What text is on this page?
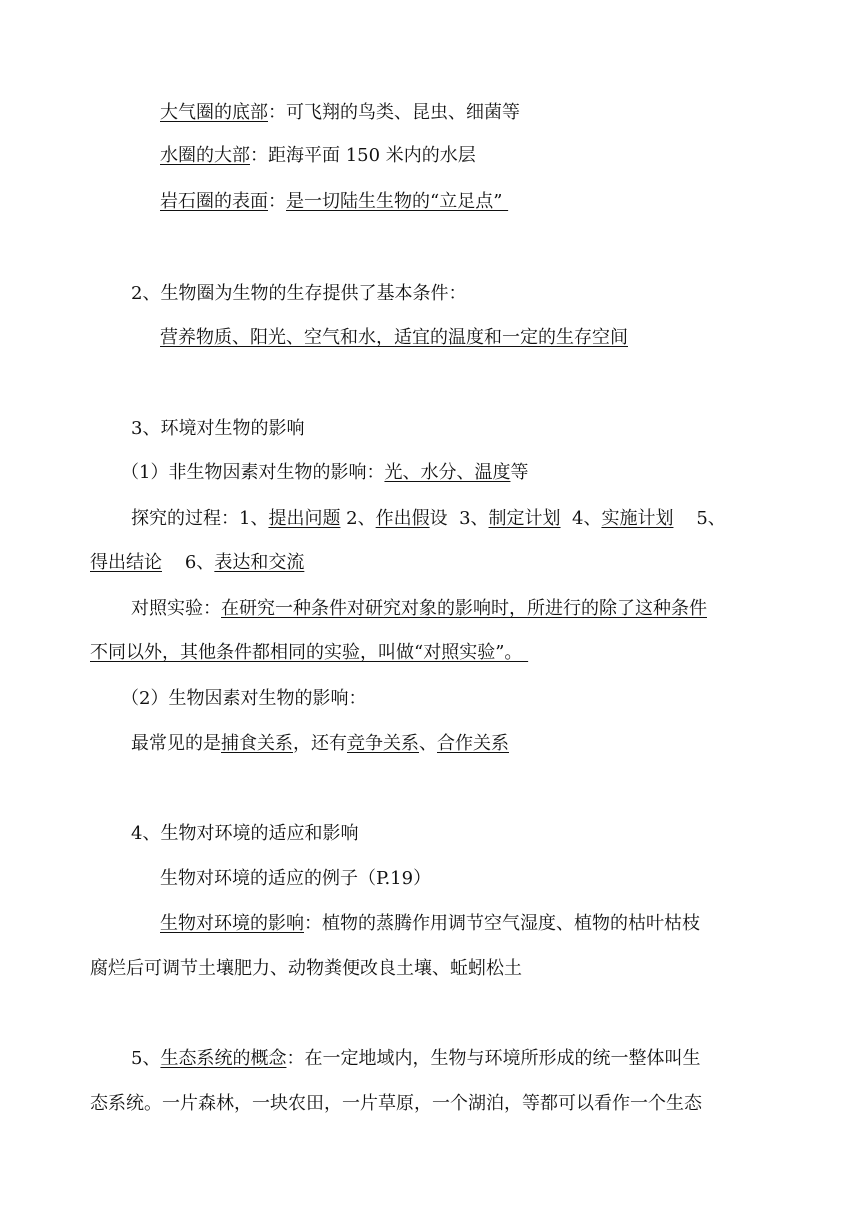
大气圈的底部：可飞翔的鸟类、昆虫、细菌等
水圈的大部：距海平面 150 米内的水层
岩石圈的表面：是一切陆生生物的“立足点”
2、生物圈为生物的生存提供了基本条件：
营养物质、阳光、空气和水，适宜的温度和一定的生存空间
3、环境对生物的影响
（1）非生物因素对生物的影响：光、水分、温度等
探究的过程：1、提出问题 2、作出假设  3、制定计划  4、实施计划    5、
得出结论    6、表达和交流
对照实验：在研究一种条件对研究对象的影响时，所进行的除了这种条件
不同以外，其他条件都相同的实验，叫做“对照实验”。
（2）生物因素对生物的影响：
最常见的是捕食关系，还有竞争关系、合作关系
4、生物对环境的适应和影响
生物对环境的适应的例子（P.19）
生物对环境的影响：植物的蒸腾作用调节空气湿度、植物的枯叶枯枝
腐烂后可调节土壤肥力、动物粪便改良土壤、蚯蚓松土
5、生态系统的概念：在一定地域内，生物与环境所形成的统一整体叫生
态系统。一片森林，一块农田，一片草原，一个湖泊，等都可以看作一个生态
